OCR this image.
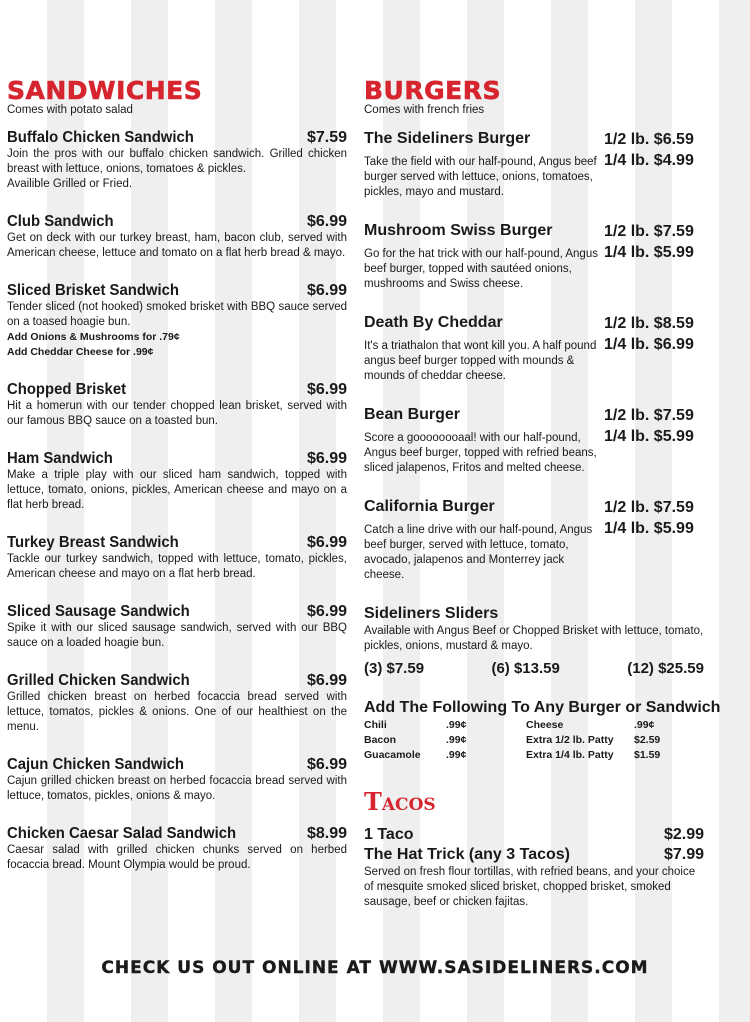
SANDWICHES

Comes with potato salad

Buffalo Chicken Sandwich	$7.59
Join the pros with our buffalo chicken sandwich. Grilled chicken breast with lettuce, onions, tomatoes & pickles.
Availible Grilled or Fried.
Club Sandwich	$6.99
Get on deck with our turkey breast, ham, bacon club, served with American cheese, lettuce and tomato on a flat herb bread & mayo.
Sliced Brisket Sandwich	$6.99
Tender sliced (not hooked) smoked brisket with BBQ sauce served on a toased hoagie bun.
Add Onions & Mushrooms for .79¢
Add Cheddar Cheese for .99¢
Chopped Brisket	$6.99
Hit a homerun with our tender chopped lean brisket, served with our famous BBQ sauce on a toasted bun.
Ham Sandwich	$6.99
Make a triple play with our sliced ham sandwich, topped with lettuce, tomato, onions, pickles, American cheese and mayo on a flat herb bread.
Turkey Breast Sandwich	$6.99
Tackle our turkey sandwich, topped with lettuce, tomato, pickles, American cheese and mayo on a flat herb bread.
Sliced Sausage Sandwich	$6.99
Spike it with our sliced sausage sandwich, served with our BBQ sauce on a loaded hoagie bun.
Grilled Chicken Sandwich	$6.99
Grilled chicken breast on herbed focaccia bread served with lettuce, tomatos, pickles & onions. One of our healthiest on the menu.
Cajun Chicken Sandwich	$6.99
Cajun grilled chicken breast on herbed focaccia bread served with lettuce, tomatos, pickles, onions & mayo.
Chicken Caesar Salad Sandwich	$8.99
Caesar salad with grilled chicken chunks served on herbed focaccia bread. Mount Olympia would be proud.
BURGERS

Comes with french fries

The Sideliners Burger
Take the field with our half-pound, Angus beef burger served with lettuce, onions, tomatoes, pickles, mayo and mustard.
1/2 lb. $6.59
1/4 lb. $4.99
Mushroom Swiss Burger
Go for the hat trick with our half-pound, Angus beef burger, topped with sautéed onions, mushrooms and Swiss cheese.
1/2 lb. $7.59
1/4 lb. $5.99
Death By Cheddar
It's a triathalon that wont kill you. A half pound angus beef burger topped with mounds & mounds of cheddar cheese.
1/2 lb. $8.59
1/4 lb. $6.99
Bean Burger
Score a goooooooaal! with our half-pound, Angus beef burger, topped with refried beans, sliced jalapenos, Fritos and melted cheese.
1/2 lb. $7.59
1/4 lb. $5.99
California Burger
Catch a line drive with our half-pound, Angus beef burger, served with lettuce, tomato, avocado, jalapenos and Monterrey jack cheese.
1/2 lb. $7.59
1/4 lb. $5.99
Sideliners Sliders
Available with Angus Beef or Chopped Brisket with lettuce, tomato, pickles, onions, mustard & mayo.
(3) $7.59	(6) $13.59	(12) $25.59
Add The Following To Any Burger or Sandwich
Chili	.99¢	Cheese	.99¢
Bacon	.99¢	Extra 1/2 lb. Patty	$2.59
Guacamole	.99¢	Extra 1/4 lb. Patty	$1.59
Tacos
1 Taco	$2.99
The Hat Trick (any 3 Tacos)	$7.99
Served on fresh flour tortillas, with refried beans, and your choice of mesquite smoked sliced brisket, chopped brisket, smoked sausage, beef or chicken fajitas.
CHECK US OUT ONLINE AT WWW.SASIDELINERS.COM
